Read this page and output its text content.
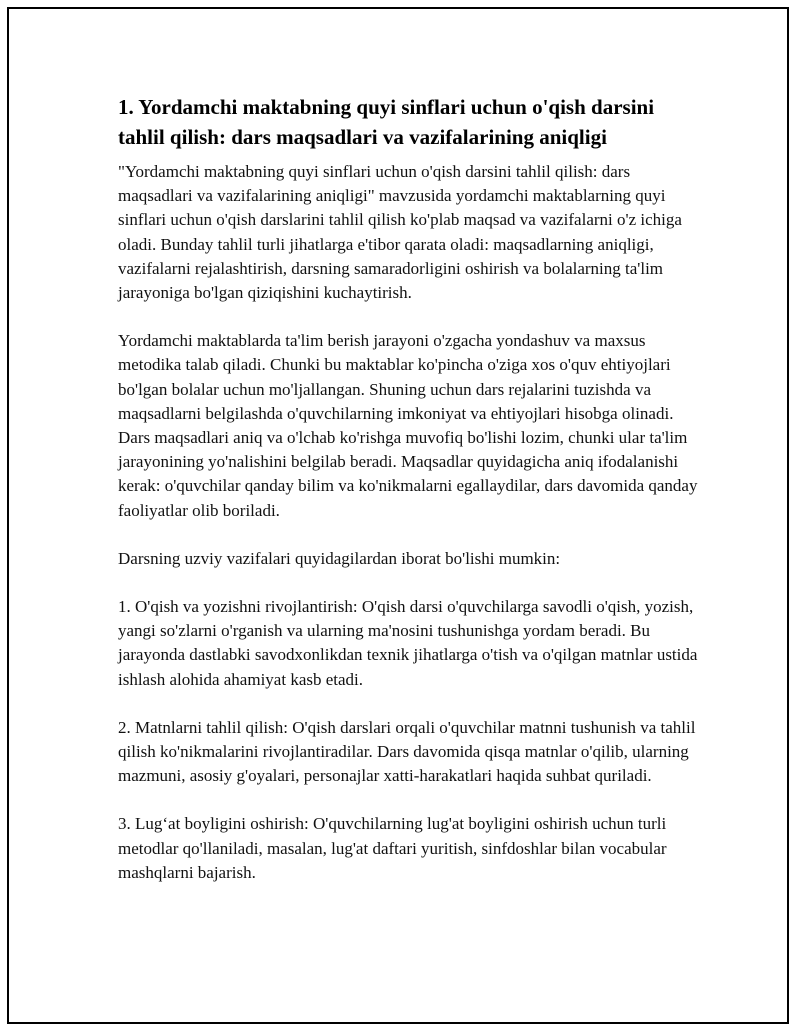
1. Yordamchi maktabning quyi sinflari uchun o'qish darsini tahlil qilish: dars maqsadlari va vazifalarining aniqligi

"Yordamchi maktabning quyi sinflari uchun o'qish darsini tahlil qilish: dars maqsadlari va vazifalarining aniqligi" mavzusida yordamchi maktablarning quyi sinflari uchun o'qish darslarini tahlil qilish ko'plab maqsad va vazifalarni o'z ichiga oladi. Bunday tahlil turli jihatlarga e'tibor qarata oladi: maqsadlarning aniqligi, vazifalarni rejalashtirish, darsning samaradorligini oshirish va bolalarning ta'lim jarayoniga bo'lgan qiziqishini kuchaytirish.

Yordamchi maktablarda ta'lim berish jarayoni o'zgacha yondashuv va maxsus metodika talab qiladi. Chunki bu maktablar ko'pincha o'ziga xos o'quv ehtiyojlari bo'lgan bolalar uchun mo'ljallangan. Shuning uchun dars rejalarini tuzishda va maqsadlarni belgilashda o'quvchilarning imkoniyat va ehtiyojlari hisobga olinadi. Dars maqsadlari aniq va o'lchab ko'rishga muvofiq bo'lishi lozim, chunki ular ta'lim jarayonining yo'nalishini belgilab beradi. Maqsadlar quyidagicha aniq ifodalanishi kerak: o'quvchilar qanday bilim va ko'nikmalarni egallaydilar, dars davomida qanday faoliyatlar olib boriladi.

Darsning uzviy vazifalari quyidagilardan iborat bo'lishi mumkin:

1. O'qish va yozishni rivojlantirish: O'qish darsi o'quvchilarga savodli o'qish, yozish, yangi so'zlarni o'rganish va ularning ma'nosini tushunishga yordam beradi. Bu jarayonda dastlabki savodxonlikdan texnik jihatlarga o'tish va o'qilgan matnlar ustida ishlash alohida ahamiyat kasb etadi.

2. Matnlarni tahlil qilish: O'qish darslari orqali o'quvchilar matnni tushunish va tahlil qilish ko'nikmalarini rivojlantiradilar. Dars davomida qisqa matnlar o'qilib, ularning mazmuni, asosiy g'oyalari, personajlar xatti-harakatlari haqida suhbat quriladi.

3. Lug‘at boyligini oshirish: O'quvchilarning lug'at boyligini oshirish uchun turli metodlar qo'llaniladi, masalan, lug'at daftari yuritish, sinfdoshlar bilan vocabular mashqlarni bajarish.
